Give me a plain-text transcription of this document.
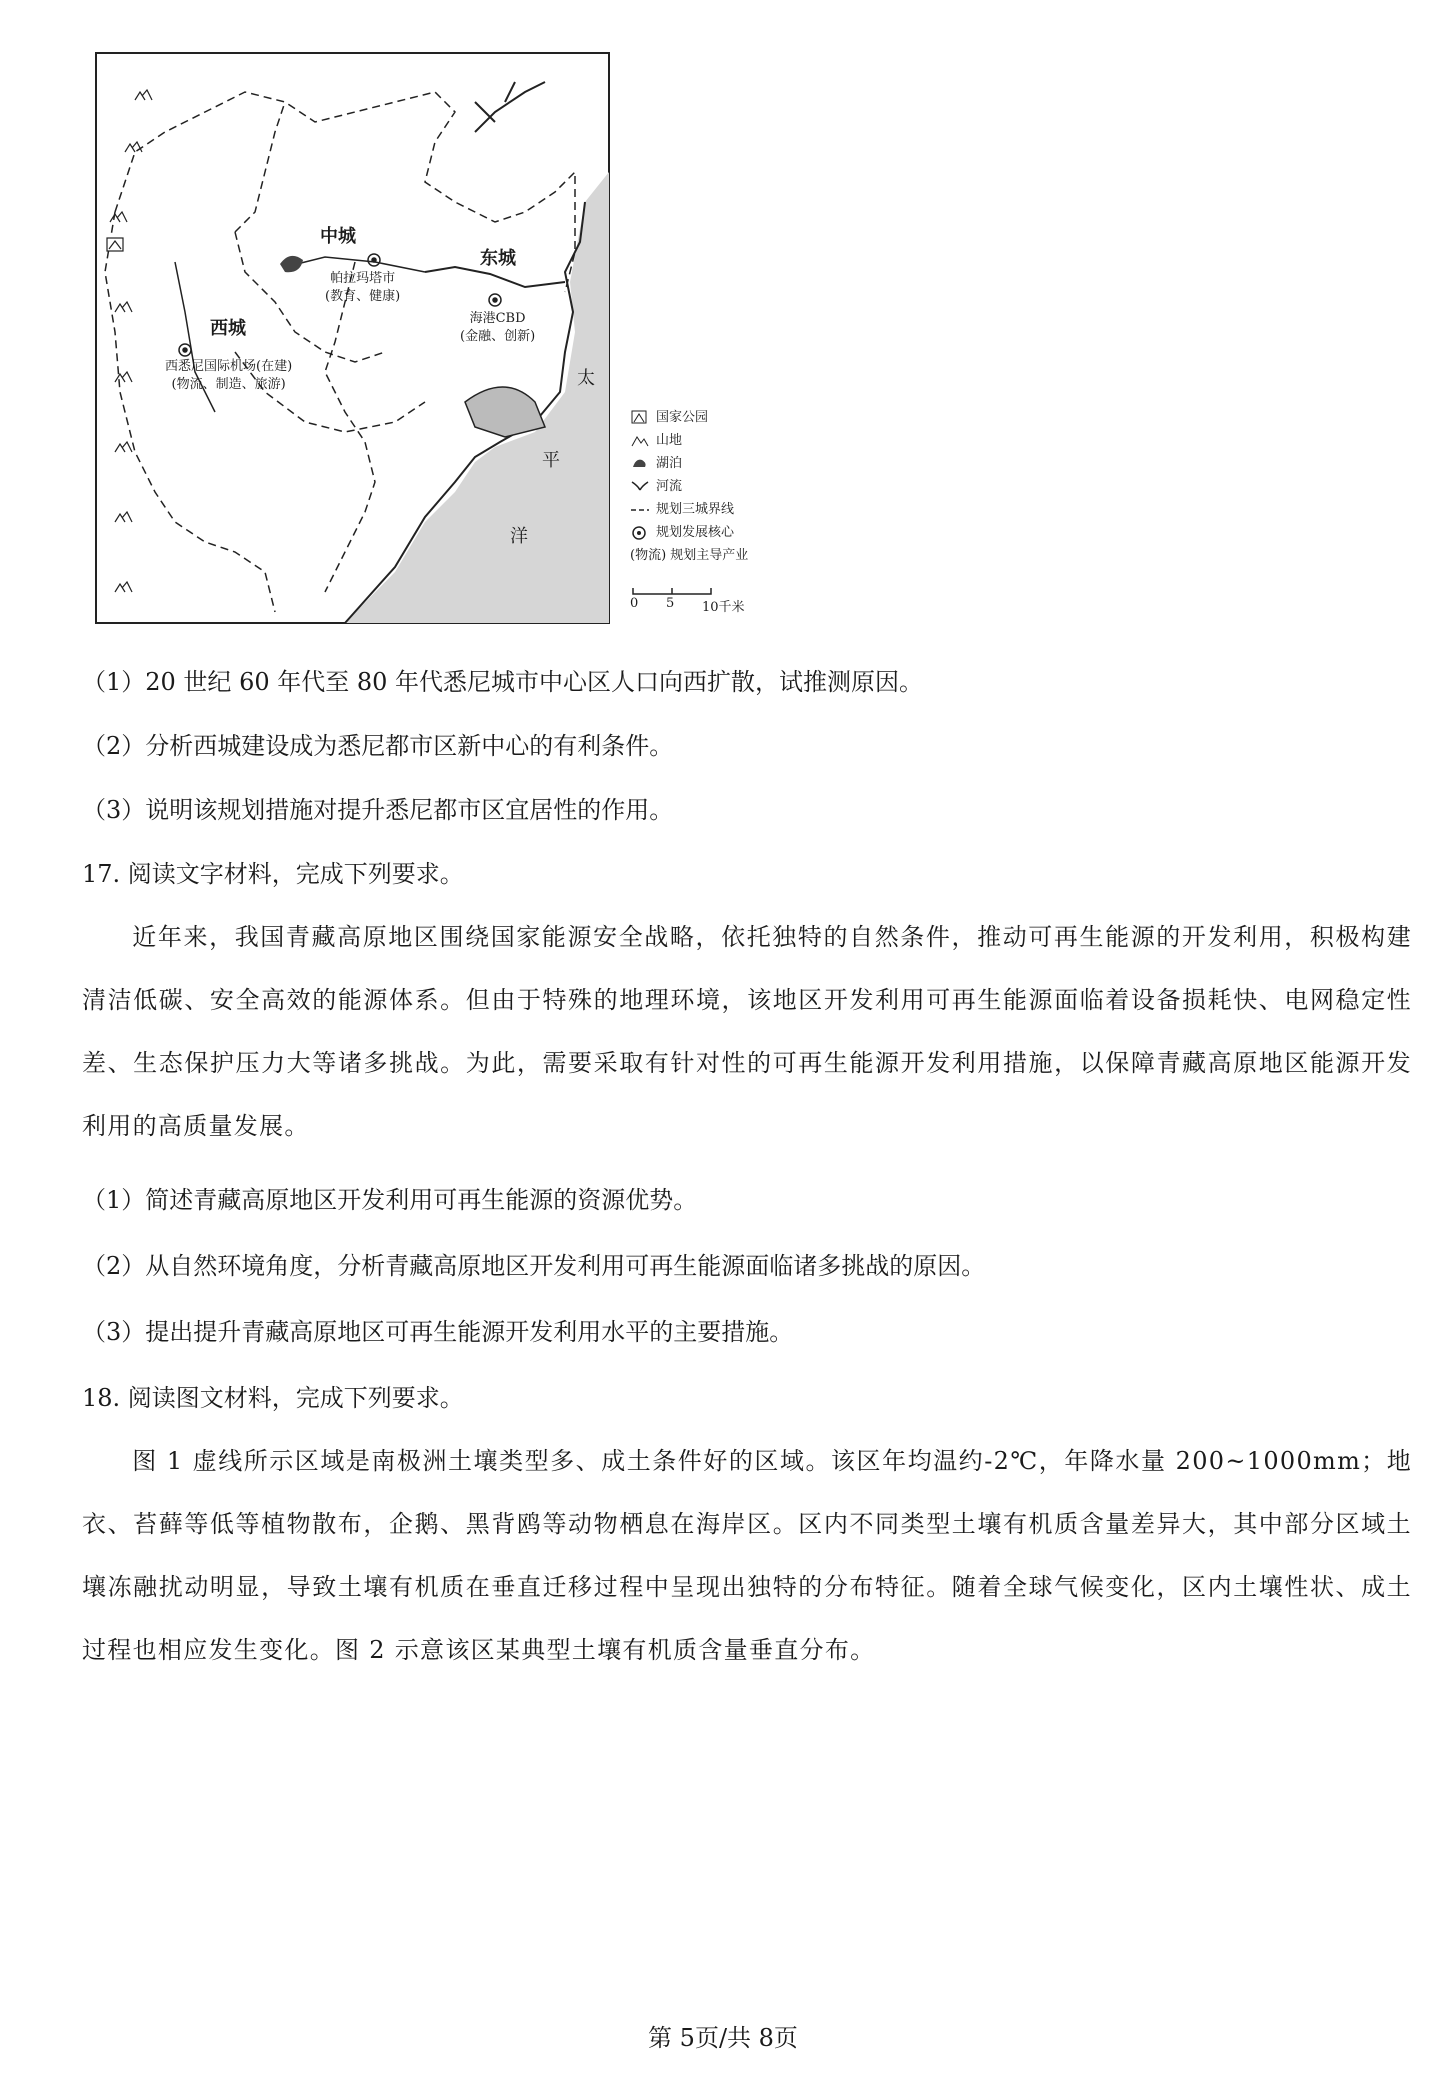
中城
东城
西城
帕拉玛塔市
(教育、健康)
海港CBD
(金融、创新)
西悉尼国际机场(在建)
(物流、制造、旅游)	太
平
洋
国家公园
山地
湖泊
河流
规划三城界线
规划发展核心
(物流) 规划主导产业
0 5 10千米
（1）20 世纪 60 年代至 80 年代悉尼城市中心区人口向西扩散，试推测原因。
（2）分析西城建设成为悉尼都市区新中心的有利条件。
（3）说明该规划措施对提升悉尼都市区宜居性的作用。
17. 阅读文字材料，完成下列要求。
近年来，我国青藏高原地区围绕国家能源安全战略，依托独特的自然条件，推动可再生能源的开发利用，积极构建清洁低碳、安全高效的能源体系。但由于特殊的地理环境，该地区开发利用可再生能源面临着设备损耗快、电网稳定性差、生态保护压力大等诸多挑战。为此，需要采取有针对性的可再生能源开发利用措施，以保障青藏高原地区能源开发利用的高质量发展。
（1）简述青藏高原地区开发利用可再生能源的资源优势。
（2）从自然环境角度，分析青藏高原地区开发利用可再生能源面临诸多挑战的原因。
（3）提出提升青藏高原地区可再生能源开发利用水平的主要措施。
18. 阅读图文材料，完成下列要求。
图 1 虚线所示区域是南极洲土壤类型多、成土条件好的区域。该区年均温约-2℃，年降水量 200~1000mm；地衣、苔藓等低等植物散布，企鹅、黑背鸥等动物栖息在海岸区。区内不同类型土壤有机质含量差异大，其中部分区域土壤冻融扰动明显，导致土壤有机质在垂直迁移过程中呈现出独特的分布特征。随着全球气候变化，区内土壤性状、成土过程也相应发生变化。图 2 示意该区某典型土壤有机质含量垂直分布。
第 5页/共 8页
